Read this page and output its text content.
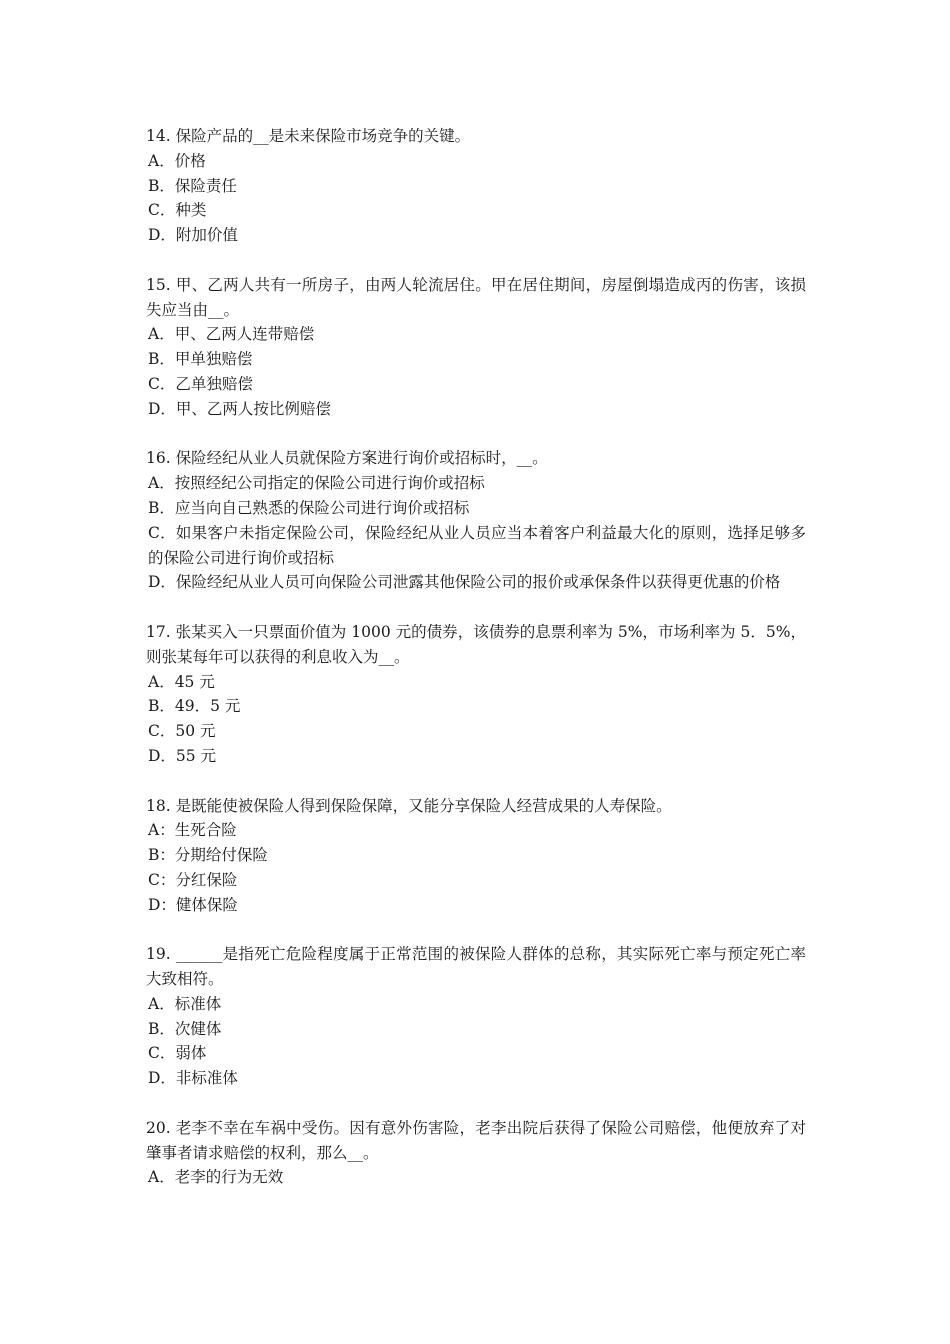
14. 保险产品的__是未来保险市场竞争的关键。

A．价格
B．保险责任
C．种类
D．附加价值

15. 甲、乙两人共有一所房子，由两人轮流居住。甲在居住期间，房屋倒塌造成丙的伤害，该损失应当由__。

A．甲、乙两人连带赔偿
B．甲单独赔偿
C．乙单独赔偿
D．甲、乙两人按比例赔偿

16. 保险经纪从业人员就保险方案进行询价或招标时，__。

A．按照经纪公司指定的保险公司进行询价或招标
B．应当向自己熟悉的保险公司进行询价或招标
C．如果客户未指定保险公司，保险经纪从业人员应当本着客户利益最大化的原则，选择足够多的保险公司进行询价或招标
D．保险经纪从业人员可向保险公司泄露其他保险公司的报价或承保条件以获得更优惠的价格

17. 张某买入一只票面价值为 1000 元的债券，该债券的息票利率为 5%，市场利率为 5．5%，则张某每年可以获得的利息收入为__。

A．45 元
B．49．5 元
C．50 元
D．55 元

18. 是既能使被保险人得到保险保障，又能分享保险人经营成果的人寿保险。

A：生死合险
B：分期给付保险
C：分红保险
D：健体保险

19. ______是指死亡危险程度属于正常范围的被保险人群体的总称，其实际死亡率与预定死亡率大致相符。

A．标准体
B．次健体
C．弱体
D．非标准体

20. 老李不幸在车祸中受伤。因有意外伤害险，老李出院后获得了保险公司赔偿，他便放弃了对肇事者请求赔偿的权利，那么__。

A．老李的行为无效
